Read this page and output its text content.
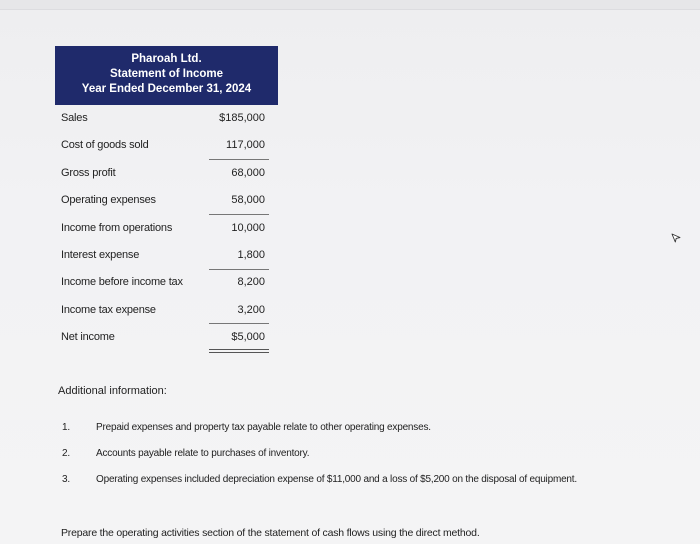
Pharoah Ltd.
Statement of Income
Year Ended December 31, 2024
Sales	$185,000
Cost of goods sold	117,000
Gross profit	68,000
Operating expenses	58,000
Income from operations	10,000
Interest expense	1,800
Income before income tax	8,200
Income tax expense	3,200
Net income	$5,000
Additional information:
1.	Prepaid expenses and property tax payable relate to other operating expenses.
2.	Accounts payable relate to purchases of inventory.
3.	Operating expenses included depreciation expense of $11,000 and a loss of $5,200 on the disposal of equipment.
Prepare the operating activities section of the statement of cash flows using the direct method.
